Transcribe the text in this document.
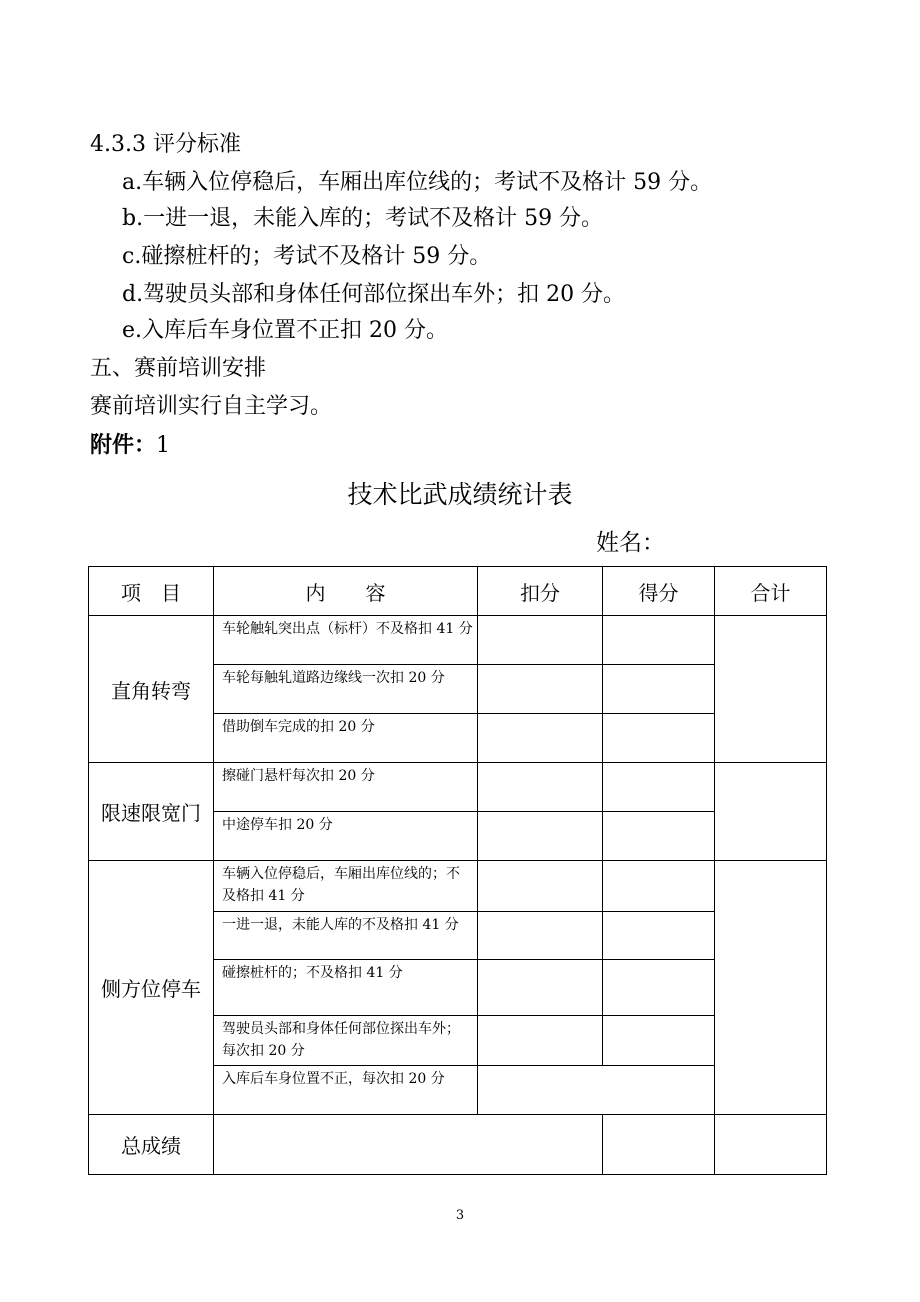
4.3.3 评分标准
a.车辆入位停稳后，车厢出库位线的；考试不及格计 59 分。
b.一进一退，未能入库的；考试不及格计 59 分。
c.碰擦桩杆的；考试不及格计 59 分。
d.驾驶员头部和身体任何部位探出车外；扣 20 分。
e.入库后车身位置不正扣 20 分。
五、赛前培训安排
赛前培训实行自主学习。
附件：1
技术比武成绩统计表
姓名：
项　目	内　　容	扣分	得分	合计
直角转弯	车轮触轧突出点（标杆）不及格扣 41 分			
	车轮每触轧道路边缘线一次扣 20 分			
	借助倒车完成的扣 20 分			
限速限宽门	擦碰门悬杆每次扣 20 分			
	中途停车扣 20 分			
侧方位停车	车辆入位停稳后，车厢出库位线的；不及格扣 41 分			
	一进一退，未能人库的不及格扣 41 分			
	碰擦桩杆的；不及格扣 41 分			
	驾驶员头部和身体任何部位探出车外；每次扣 20 分			
	入库后车身位置不正，每次扣 20 分			
总成绩				
3
